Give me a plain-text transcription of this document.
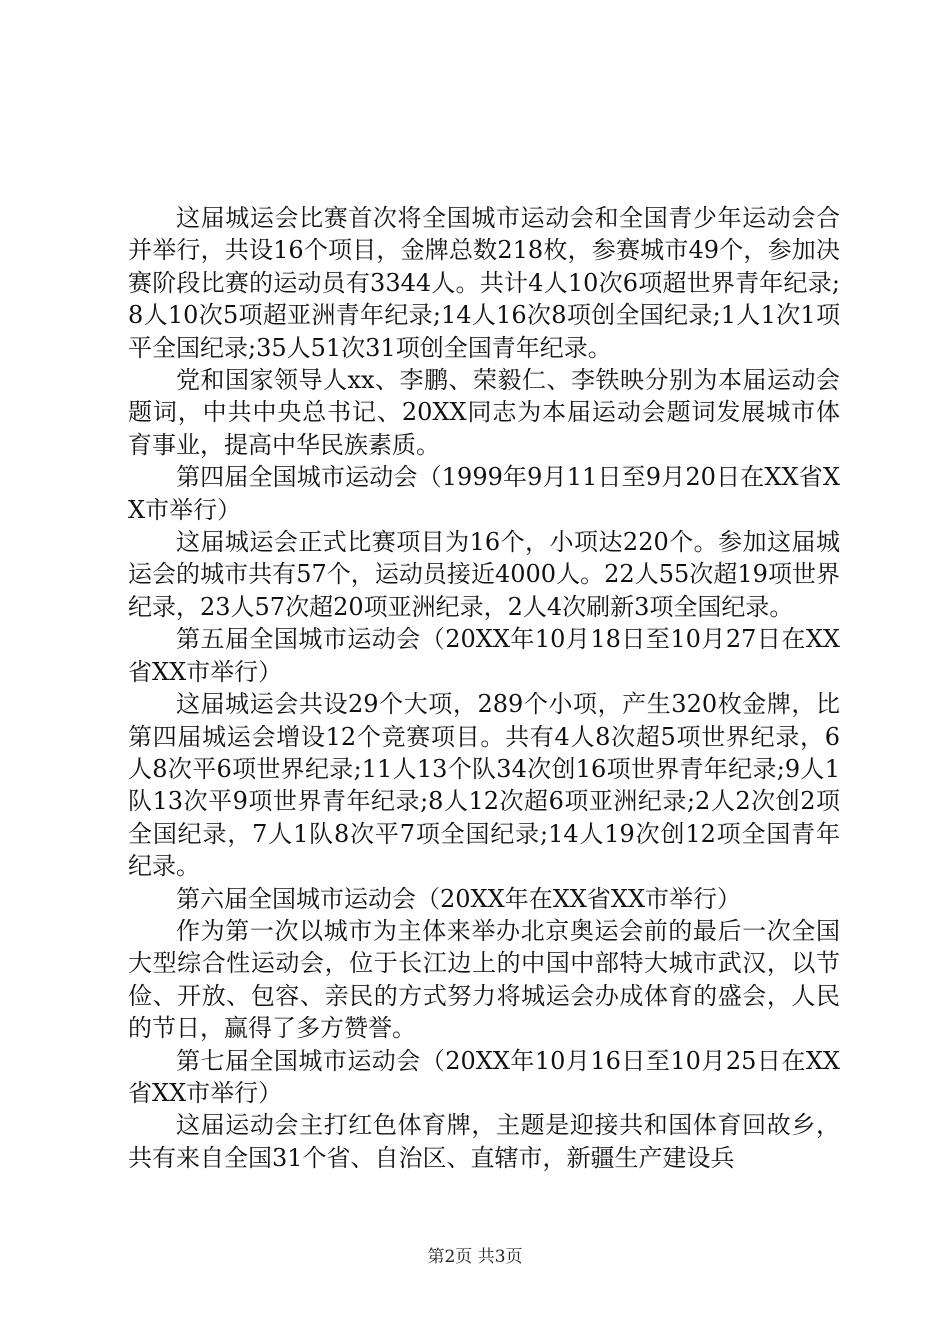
这届城运会比赛首次将全国城市运动会和全国青少年运动会合并举行，共设16个项目，金牌总数218枚，参赛城市49个，参加决赛阶段比赛的运动员有3344人。共计4人10次6项超世界青年纪录;8人10次5项超亚洲青年纪录;14人16次8项创全国纪录;1人1次1项平全国纪录;35人51次31项创全国青年纪录。

党和国家领导人xx、李鹏、荣毅仁、李铁映分别为本届运动会题词，中共中央总书记、20XX同志为本届运动会题词发展城市体育事业，提高中华民族素质。

第四届全国城市运动会（1999年9月11日至9月20日在XX省XX市举行）

这届城运会正式比赛项目为16个，小项达220个。参加这届城运会的城市共有57个，运动员接近4000人。22人55次超19项世界纪录，23人57次超20项亚洲纪录，2人4次刷新3项全国纪录。

第五届全国城市运动会（20XX年10月18日至10月27日在XX省XX市举行）

这届城运会共设29个大项，289个小项，产生320枚金牌，比第四届城运会增设12个竞赛项目。共有4人8次超5项世界纪录，6人8次平6项世界纪录;11人13个队34次创16项世界青年纪录;9人1队13次平9项世界青年纪录;8人12次超6项亚洲纪录;2人2次创2项全国纪录，7人1队8次平7项全国纪录;14人19次创12项全国青年纪录。

第六届全国城市运动会（20XX年在XX省XX市举行）

作为第一次以城市为主体来举办北京奥运会前的最后一次全国大型综合性运动会，位于长江边上的中国中部特大城市武汉，以节俭、开放、包容、亲民的方式努力将城运会办成体育的盛会，人民的节日，赢得了多方赞誉。

第七届全国城市运动会（20XX年10月16日至10月25日在XX省XX市举行）

这届运动会主打红色体育牌，主题是迎接共和国体育回故乡，共有来自全国31个省、自治区、直辖市，新疆生产建设兵

第2页 共3页
